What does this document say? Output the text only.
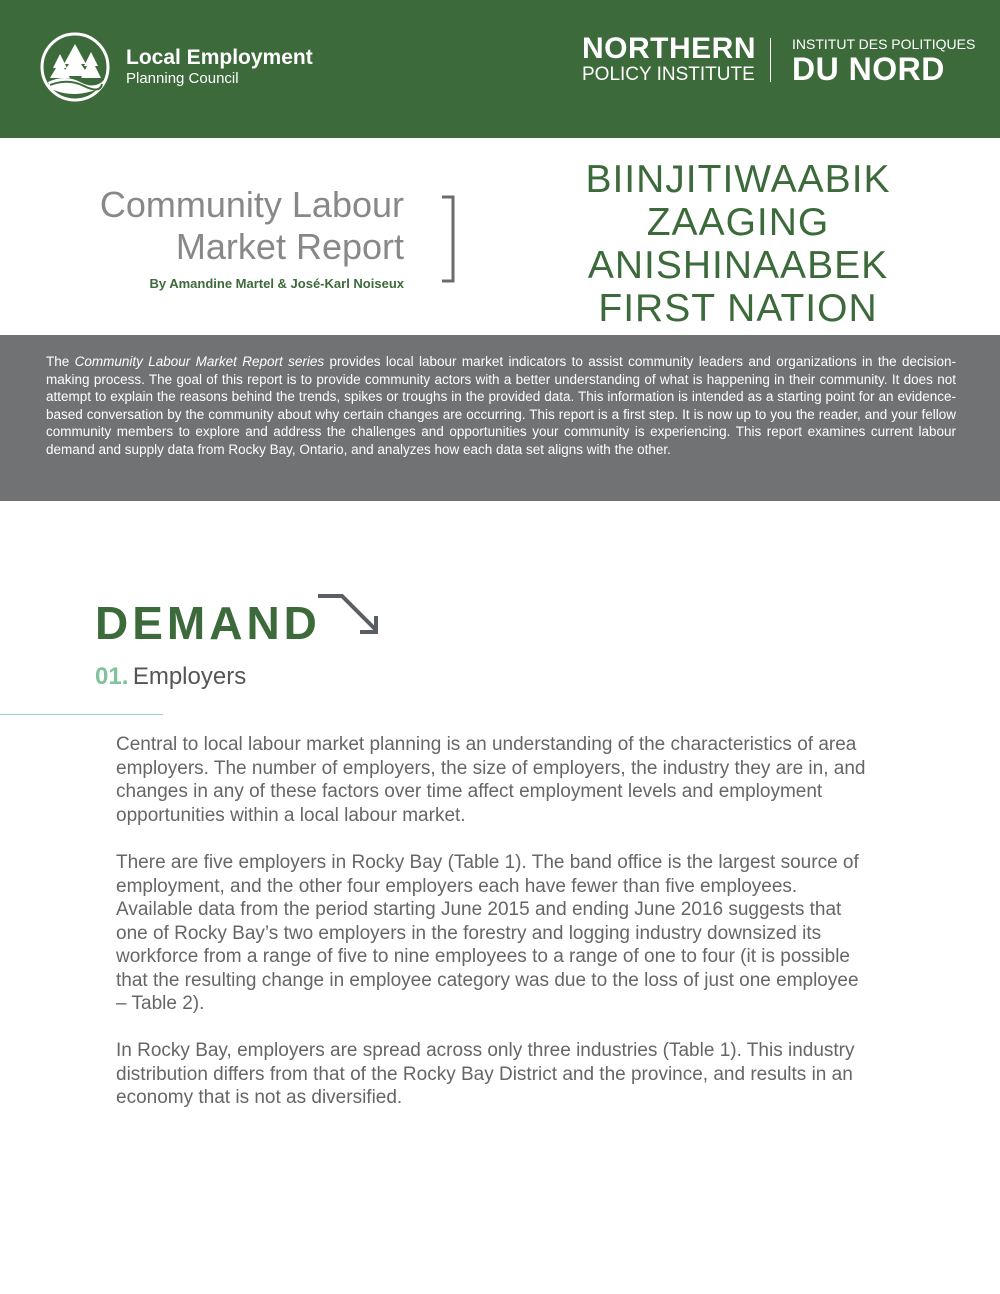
Local Employment
Planning Council
NORTHERN
POLICY INSTITUTE
INSTITUT DES POLITIQUES
DU NORD
Community Labour
Market Report
By Amandine Martel & José-Karl Noiseux
BIINJITIWAABIK
ZAAGING
ANISHINAABEK
FIRST NATION
The Community Labour Market Report series provides local labour market indicators to assist community leaders and organizations in the decision-making process. The goal of this report is to provide community actors with a better understanding of what is happening in their community. It does not attempt to explain the reasons behind the trends, spikes or troughs in the provided data. This information is intended as a starting point for an evidence-based conversation by the community about why certain changes are occurring. This report is a first step. It is now up to you the reader, and your fellow community members to explore and address the challenges and opportunities your community is experiencing. This report examines current labour demand and supply data from Rocky Bay, Ontario, and analyzes how each data set aligns with the other.
DEMAND
01. Employers
Central to local labour market planning is an understanding of the characteristics of area employers. The number of employers, the size of employers, the industry they are in, and changes in any of these factors over time affect employment levels and employment opportunities within a local labour market.
There are five employers in Rocky Bay (Table 1). The band office is the largest source of employment, and the other four employers each have fewer than five employees. Available data from the period starting June 2015 and ending June 2016 suggests that one of Rocky Bay’s two employers in the forestry and logging industry downsized its workforce from a range of five to nine employees to a range of one to four (it is possible that the resulting change in employee category was due to the loss of just one employee – Table 2).
In Rocky Bay, employers are spread across only three industries (Table 1). This industry distribution differs from that of the Rocky Bay District and the province, and results in an economy that is not as diversified.
